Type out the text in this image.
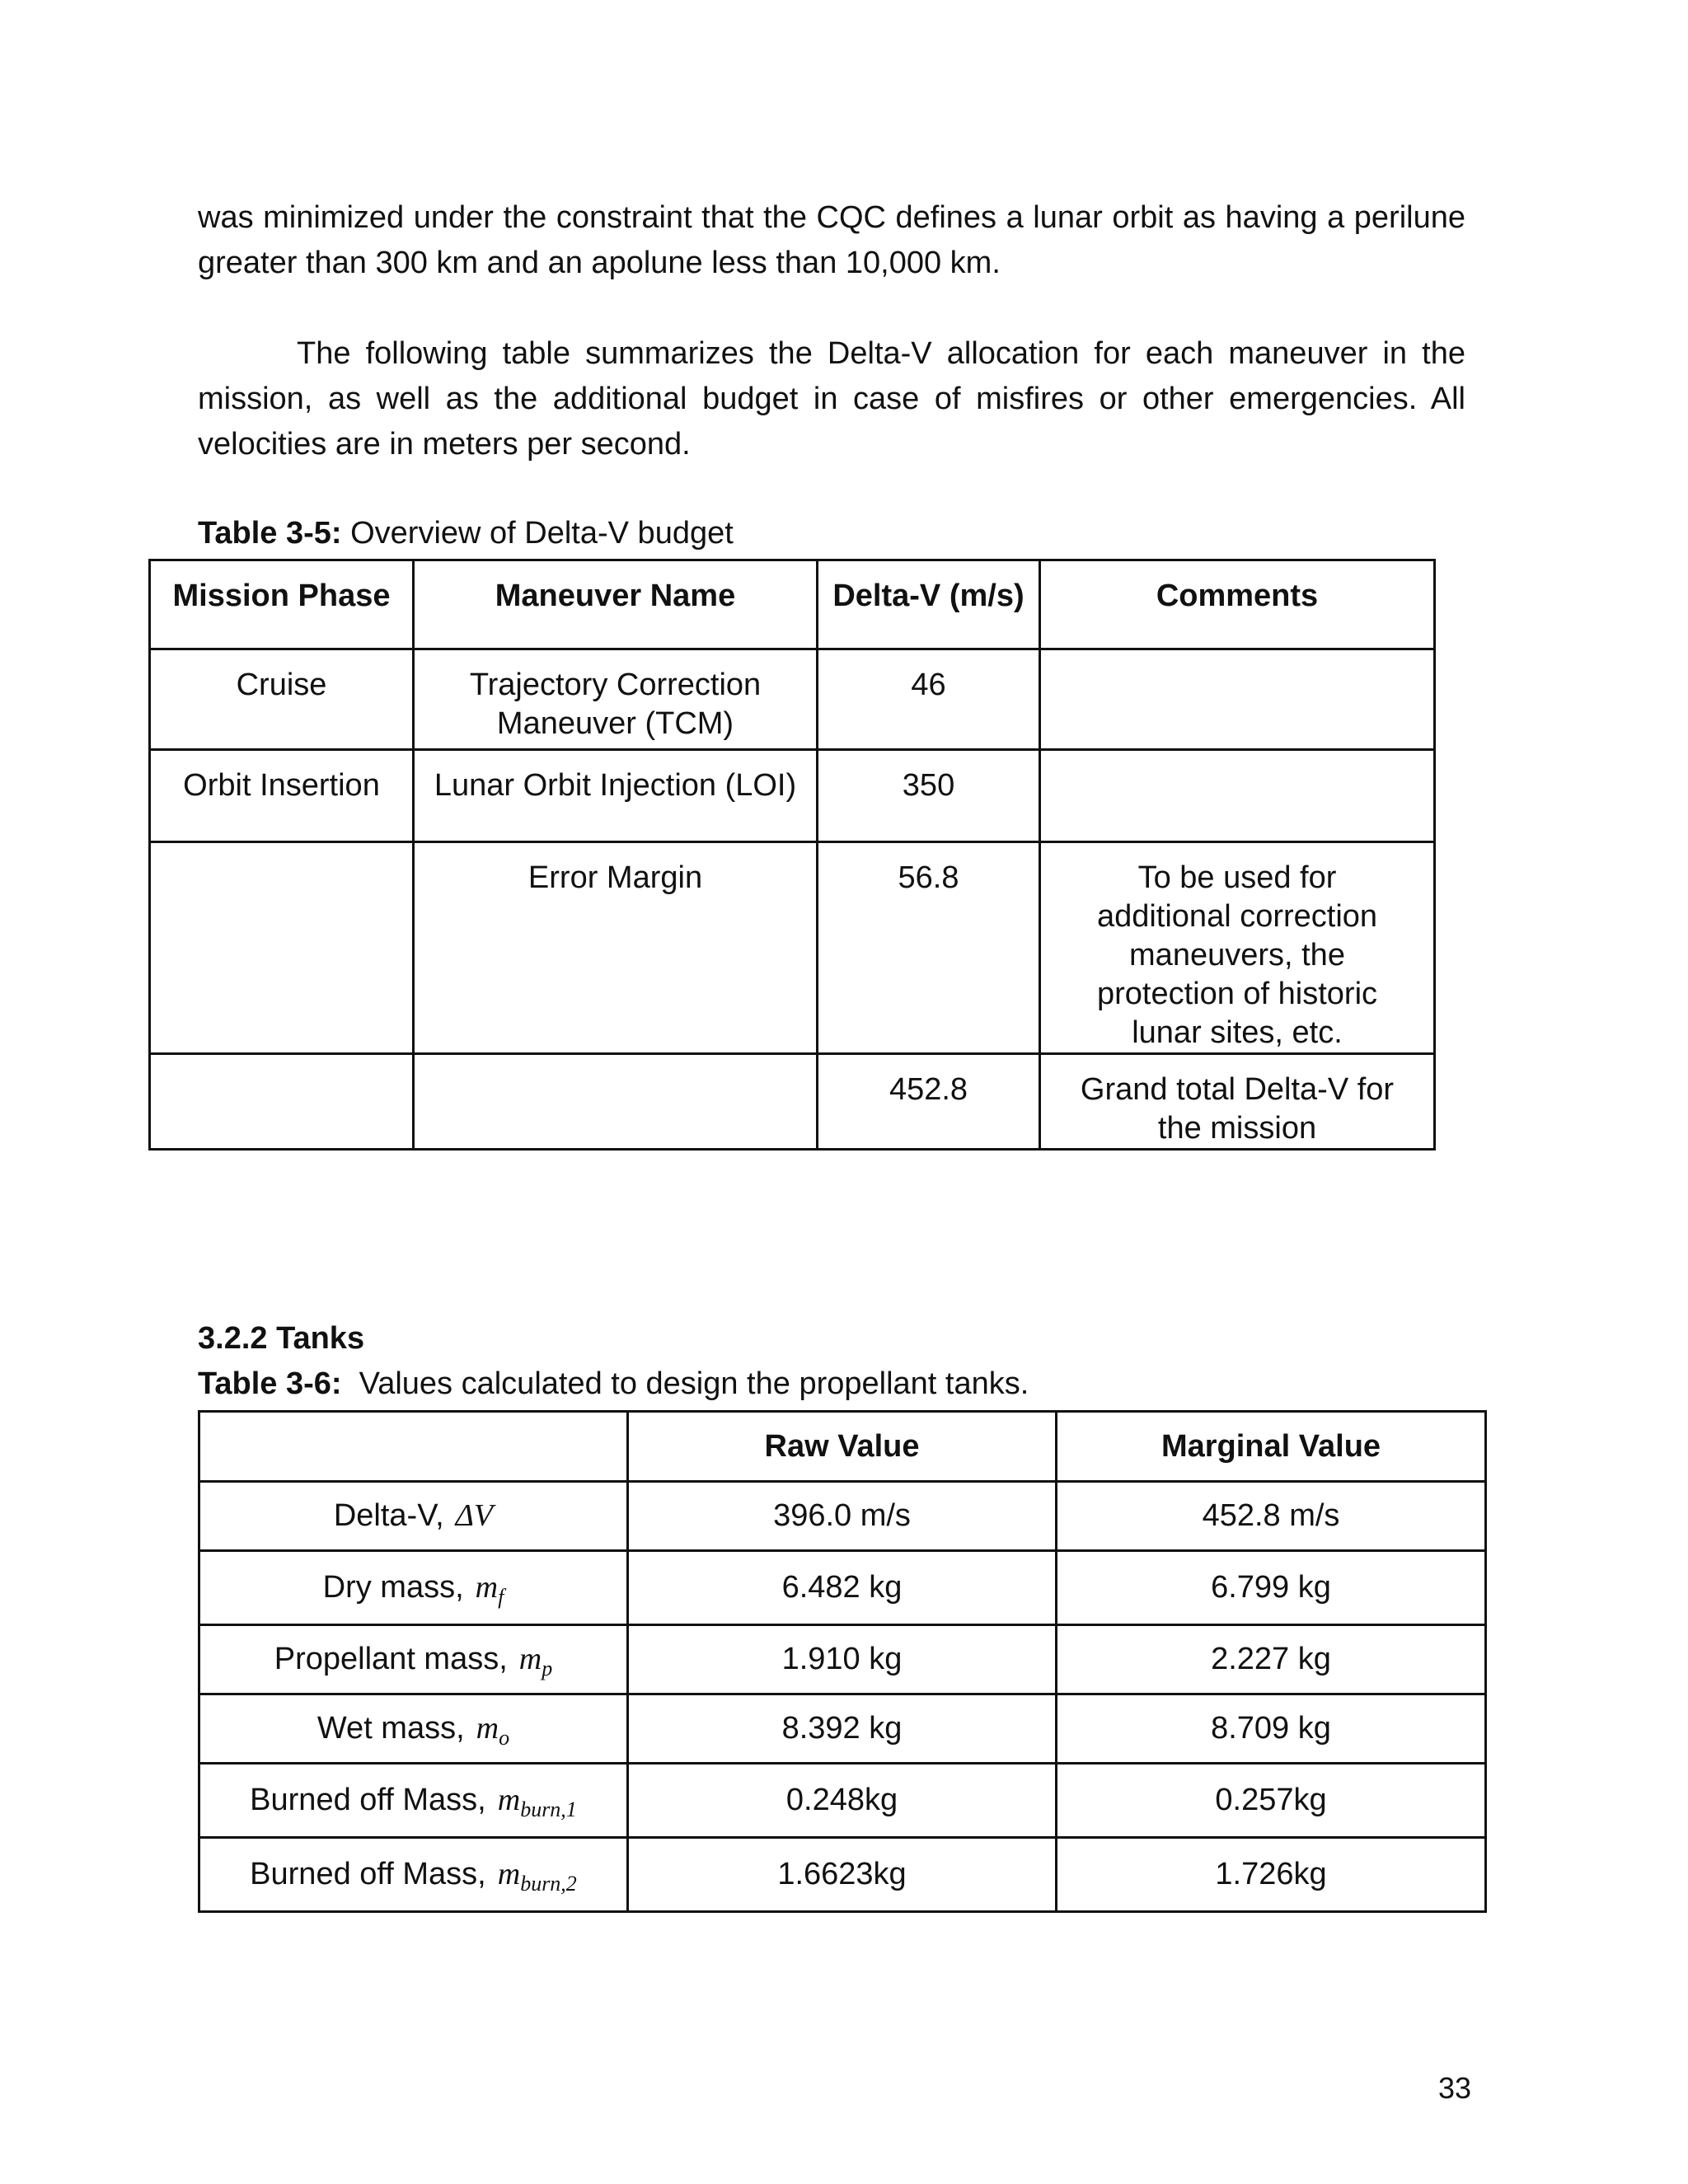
was minimized under the constraint that the CQC defines a lunar orbit as having a perilune greater than 300 km and an apolune less than 10,000 km.

The following table summarizes the Delta-V allocation for each maneuver in the mission, as well as the additional budget in case of misfires or other emergencies. All velocities are in meters per second.

Table 3-5: Overview of Delta-V budget

Mission Phase	Maneuver Name	Delta-V (m/s)	Comments
Cruise	Trajectory Correction Maneuver (TCM)	46	
Orbit Insertion	Lunar Orbit Injection (LOI)	350	
	Error Margin	56.8	To be used for additional correction maneuvers, the protection of historic lunar sites, etc.
		452.8	Grand total Delta-V for the mission

3.2.2 Tanks

Table 3-6:  Values calculated to design the propellant tanks.

	Raw Value	Marginal Value
Delta-V, ΔV	396.0 m/s	452.8 m/s
Dry mass, $m_f$	6.482 kg	6.799 kg
Propellant mass, $m_p$	1.910 kg	2.227 kg
Wet mass, $m_o$	8.392 kg	8.709 kg
Burned off Mass, $m_{burn,1}$	0.248kg	0.257kg
Burned off Mass, $m_{burn,2}$	1.6623kg	1.726kg

33
